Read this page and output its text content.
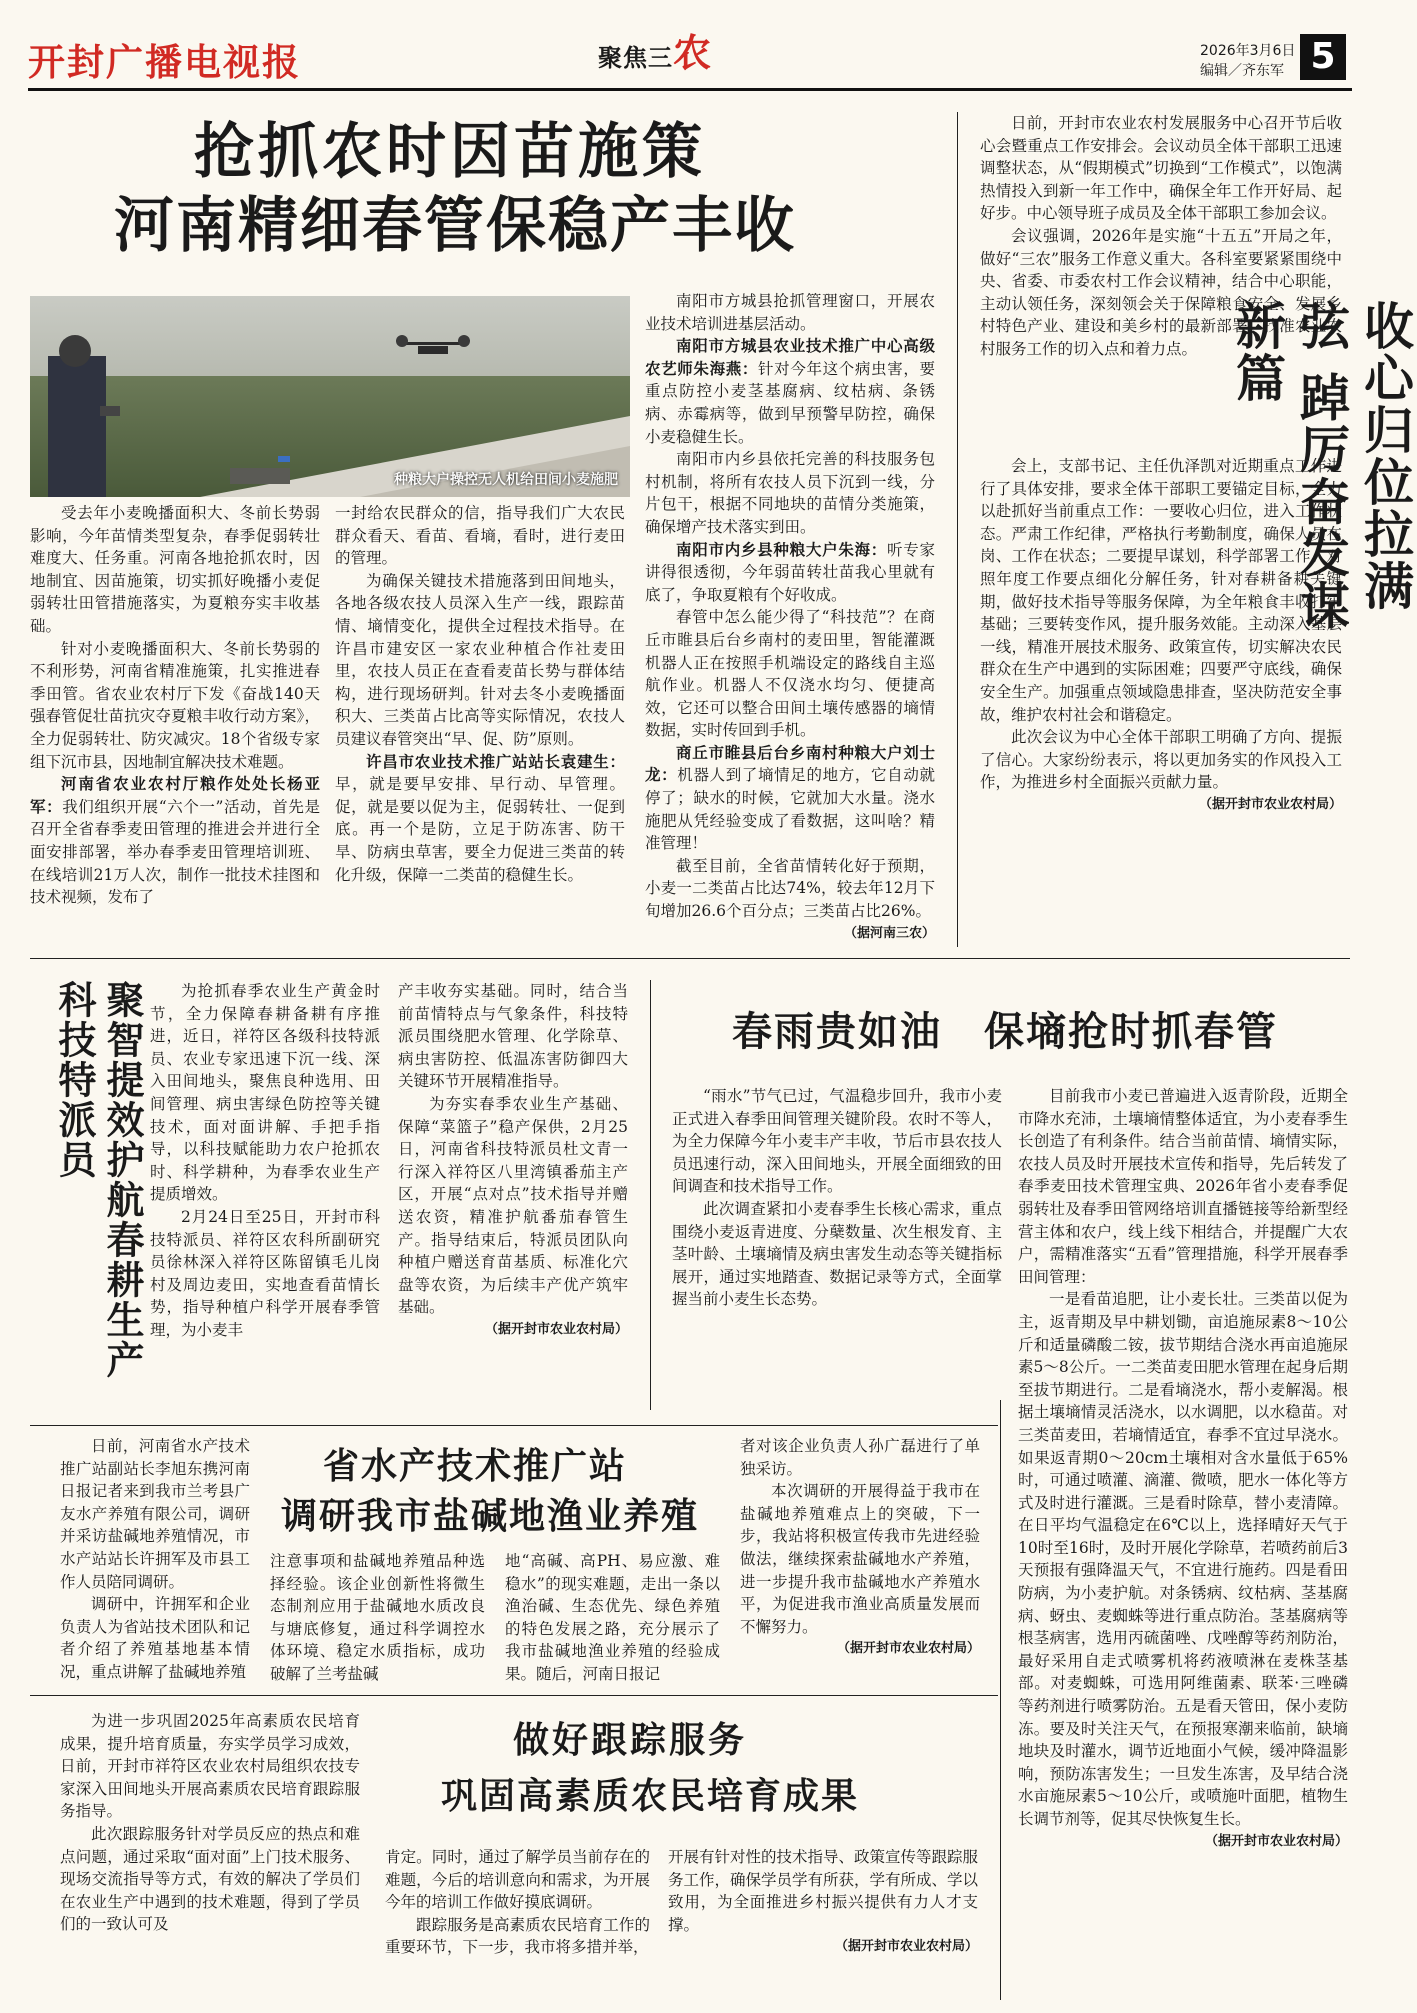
开封广播电视报	聚焦三农	2026年3月6日
编辑／齐东军 5
抢抓农时因苗施策
河南精细春管保稳产丰收
种粮大户操控无人机给田间小麦施肥

受去年小麦晚播面积大、冬前长势弱影响，今年苗情类型复杂，春季促弱转壮难度大、任务重。河南各地抢抓农时，因地制宜、因苗施策，切实抓好晚播小麦促弱转壮田管措施落实，为夏粮夯实丰收基础。

针对小麦晚播面积大、冬前长势弱的不利形势，河南省精准施策，扎实推进春季田管。省农业农村厅下发《奋战140天强春管促壮苗抗灾夺夏粮丰收行动方案》，全力促弱转壮、防灾减灾。18个省级专家组下沉市县，因地制宜解决技术难题。

河南省农业农村厅粮作处处长杨亚军：我们组织开展“六个一”活动，首先是召开全省春季麦田管理的推进会并进行全面安排部署，举办春季麦田管理培训班、在线培训21万人次，制作一批技术挂图和技术视频，发布了

一封给农民群众的信，指导我们广大农民群众看天、看苗、看墒，看时，进行麦田的管理。

为确保关键技术措施落到田间地头，各地各级农技人员深入生产一线，跟踪苗情、墒情变化，提供全过程技术指导。在许昌市建安区一家农业种植合作社麦田里，农技人员正在查看麦苗长势与群体结构，进行现场研判。针对去冬小麦晚播面积大、三类苗占比高等实际情况，农技人员建议春管突出“早、促、防”原则。

许昌市农业技术推广站站长袁建生：早，就是要早安排、早行动、早管理。促，就是要以促为主，促弱转壮、一促到底。再一个是防，立足于防冻害、防干旱、防病虫草害，要全力促进三类苗的转化升级，保障一二类苗的稳健生长。

南阳市方城县抢抓管理窗口，开展农业技术培训进基层活动。

南阳市方城县农业技术推广中心高级农艺师朱海燕：针对今年这个病虫害，要重点防控小麦茎基腐病、纹枯病、条锈病、赤霉病等，做到早预警早防控，确保小麦稳健生长。

南阳市内乡县依托完善的科技服务包村机制，将所有农技人员下沉到一线，分片包干，根据不同地块的苗情分类施策，确保增产技术落实到田。

南阳市内乡县种粮大户朱海：听专家讲得很透彻，今年弱苗转壮苗我心里就有底了，争取夏粮有个好收成。

春管中怎么能少得了“科技范”？在商丘市睢县后台乡南村的麦田里，智能灌溉机器人正在按照手机端设定的路线自主巡航作业。机器人不仅浇水均匀、便捷高效，它还可以整合田间土壤传感器的墒情数据，实时传回到手机。

商丘市睢县后台乡南村种粮大户刘士龙：机器人到了墒情足的地方，它自动就停了；缺水的时候，它就加大水量。浇水施肥从凭经验变成了看数据，这叫啥？精准管理！

截至目前，全省苗情转化好于预期，小麦一二类苗占比达74%，较去年12月下旬增加26.6个百分点；三类苗占比26%。

（据河南三农）

收心归位拉满弦 踔厉奋发谋新篇

日前，开封市农业农村发展服务中心召开节后收心会暨重点工作安排会。会议动员全体干部职工迅速调整状态，从“假期模式”切换到“工作模式”，以饱满热情投入到新一年工作中，确保全年工作开好局、起好步。中心领导班子成员及全体干部职工参加会议。

会议强调，2026年是实施“十五五”开局之年，做好“三农”服务工作意义重大。各科室要紧紧围绕中央、省委、市委农村工作会议精神，结合中心职能，主动认领任务，深刻领会关于保障粮食安全、发展乡村特色产业、建设和美乡村的最新部署，找准农业农村服务工作的切入点和着力点。

会上，支部书记、主任仇泽凯对近期重点工作进行了具体安排，要求全体干部职工要锚定目标，全力以赴抓好当前重点工作：一要收心归位，进入工作状态。严肃工作纪律，严格执行考勤制度，确保人员在岗、工作在状态；二要提早谋划，科学部署工作。对照年度工作要点细化分解任务，针对春耕备耕关键期，做好技术指导等服务保障，为全年粮食丰收打牢基础；三要转变作风，提升服务效能。主动深入基层一线，精准开展技术服务、政策宣传，切实解决农民群众在生产中遇到的实际困难；四要严守底线，确保安全生产。加强重点领域隐患排查，坚决防范安全事故，维护农村社会和谐稳定。

此次会议为中心全体干部职工明确了方向、提振了信心。大家纷纷表示，将以更加务实的作风投入工作，为推进乡村全面振兴贡献力量。

（据开封市农业农村局）

聚智提效护航春耕生产 科技特派员	为抢抓春季农业生产黄金时节，全力保障春耕备耕有序推进，近日，祥符区各级科技特派员、农业专家迅速下沉一线、深入田间地头，聚焦良种选用、田间管理、病虫害绿色防控等关键技术，面对面讲解、手把手指导，以科技赋能助力农户抢抓农时、科学耕种，为春季农业生产提质增效。

2月24日至25日，开封市科技特派员、祥符区农科所副研究员徐林深入祥符区陈留镇毛儿岗村及周边麦田，实地查看苗情长势，指导种植户科学开展春季管理，为小麦丰

产丰收夯实基础。同时，结合当前苗情特点与气象条件，科技特派员围绕肥水管理、化学除草、病虫害防控、低温冻害防御四大关键环节开展精准指导。

为夯实春季农业生产基础、保障“菜篮子”稳产保供，2月25日，河南省科技特派员杜文青一行深入祥符区八里湾镇番茄主产区，开展“点对点”技术指导并赠送农资，精准护航番茄春管生产。指导结束后，特派员团队向种植户赠送育苗基质、标准化穴盘等农资，为后续丰产优产筑牢基础。

（据开封市农业农村局）

春雨贵如油　保墒抢时抓春管

“雨水”节气已过，气温稳步回升，我市小麦正式进入春季田间管理关键阶段。农时不等人，为全力保障今年小麦丰产丰收，节后市县农技人员迅速行动，深入田间地头，开展全面细致的田间调查和技术指导工作。

此次调查紧扣小麦春季生长核心需求，重点围绕小麦返青进度、分蘖数量、次生根发育、主茎叶龄、土壤墒情及病虫害发生动态等关键指标展开，通过实地踏查、数据记录等方式，全面掌握当前小麦生长态势。

目前我市小麦已普遍进入返青阶段，近期全市降水充沛，土壤墒情整体适宜，为小麦春季生长创造了有利条件。结合当前苗情、墒情实际，农技人员及时开展技术宣传和指导，先后转发了春季麦田技术管理宝典、2026年省小麦春季促弱转壮及春季田管网络培训直播链接等给新型经营主体和农户，线上线下相结合，并提醒广大农户，需精准落实“五看”管理措施，科学开展春季田间管理：

一是看苗追肥，让小麦长壮。三类苗以促为主，返青期及早中耕划锄，亩追施尿素8～10公斤和适量磷酸二铵，拔节期结合浇水再亩追施尿素5～8公斤。一二类苗麦田肥水管理在起身后期至拔节期进行。二是看墒浇水，帮小麦解渴。根据土壤墒情灵活浇水，以水调肥，以水稳苗。对三类苗麦田，若墒情适宜，春季不宜过早浇水。如果返青期0～20cm土壤相对含水量低于65%时，可通过喷灌、滴灌、微喷，肥水一体化等方式及时进行灌溉。三是看时除草，替小麦清障。在日平均气温稳定在6℃以上，选择晴好天气于10时至16时，及时开展化学除草，若喷药前后3天预报有强降温天气，不宜进行施药。四是看田防病，为小麦护航。对条锈病、纹枯病、茎基腐病、蚜虫、麦蜘蛛等进行重点防治。茎基腐病等根茎病害，选用丙硫菌唑、戊唑醇等药剂防治，最好采用自走式喷雾机将药液喷淋在麦株茎基部。对麦蜘蛛，可选用阿维菌素、联苯·三唑磷等药剂进行喷雾防治。五是看天管田，保小麦防冻。要及时关注天气，在预报寒潮来临前，缺墒地块及时灌水，调节近地面小气候，缓冲降温影响，预防冻害发生；一旦发生冻害，及早结合浇水亩施尿素5～10公斤，或喷施叶面肥，植物生长调节剂等，促其尽快恢复生长。

（据开封市农业农村局）

省水产技术推广站
调研我市盐碱地渔业养殖

日前，河南省水产技术推广站副站长李旭东携河南日报记者来到我市兰考县广友水产养殖有限公司，调研并采访盐碱地养殖情况，市水产站站长许拥军及市县工作人员陪同调研。

调研中，许拥军和企业负责人为省站技术团队和记者介绍了养殖基地基本情况，重点讲解了盐碱地养殖

注意事项和盐碱地养殖品种选择经验。该企业创新性将微生态制剂应用于盐碱地水质改良与塘底修复，通过科学调控水体环境、稳定水质指标，成功破解了兰考盐碱

地“高碱、高PH、易应激、难稳水”的现实难题，走出一条以渔治碱、生态优先、绿色养殖的特色发展之路，充分展示了我市盐碱地渔业养殖的经验成果。随后，河南日报记

者对该企业负责人孙广磊进行了单独采访。

本次调研的开展得益于我市在盐碱地养殖难点上的突破，下一步，我站将积极宣传我市先进经验做法，继续探索盐碱地水产养殖，进一步提升我市盐碱地水产养殖水平，为促进我市渔业高质量发展而不懈努力。

（据开封市农业农村局）

做好跟踪服务
巩固高素质农民培育成果

为进一步巩固2025年高素质农民培育成果，提升培育质量，夯实学员学习成效，日前，开封市祥符区农业农村局组织农技专家深入田间地头开展高素质农民培育跟踪服务指导。

此次跟踪服务针对学员反应的热点和难点问题，通过采取“面对面”上门技术服务、现场交流指导等方式，有效的解决了学员们在农业生产中遇到的技术难题，得到了学员们的一致认可及

肯定。同时，通过了解学员当前存在的难题，今后的培训意向和需求，为开展今年的培训工作做好摸底调研。

跟踪服务是高素质农民培育工作的重要环节，下一步，我市将多措并举，

开展有针对性的技术指导、政策宣传等跟踪服务工作，确保学员学有所获，学有所成、学以致用，为全面推进乡村振兴提供有力人才支撑。

（据开封市农业农村局）
